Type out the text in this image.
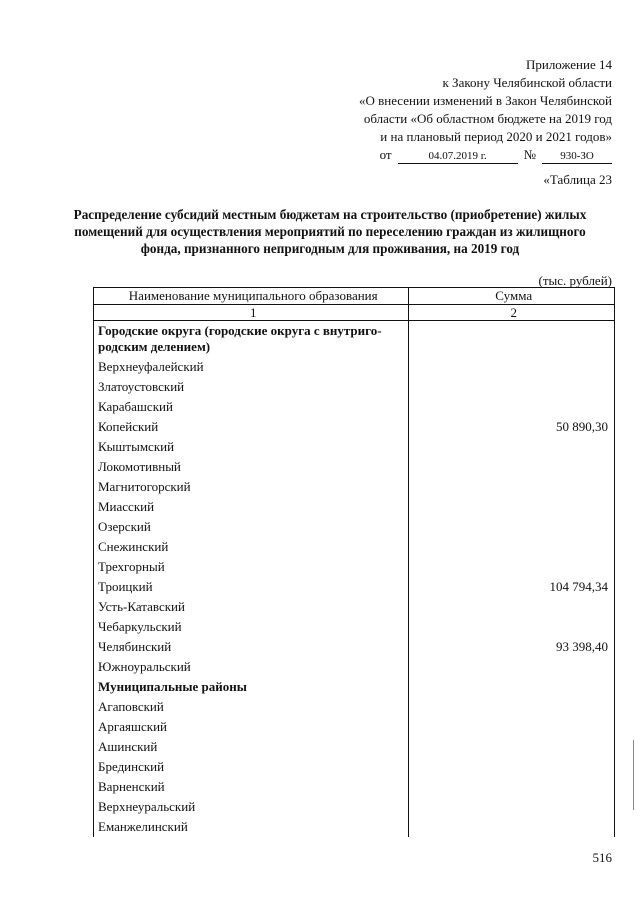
Приложение 14
к Закону Челябинской области
«О внесении изменений в Закон Челябинской
области «Об областном бюджете на 2019 год
и на плановый период 2020 и 2021 годов»
от	04.07.2019 г.	№	930-ЗО
«Таблица 23
Распределение субсидий местным бюджетам на строительство (приобретение) жилых помещений для осуществления мероприятий по переселению граждан из жилищного фонда, признанного непригодным для проживания, на 2019 год
(тыс. рублей)
Наименование муниципального образования	Сумма
1	2
Городские округа (городские округа с внутриго-родским делением)	
Верхнеуфалейский	
Златоустовский	
Карабашский	
Копейский	50 890,30
Кыштымский	
Локомотивный	
Магнитогорский	
Миасский	
Озерский	
Снежинский	
Трехгорный	
Троицкий	104 794,34
Усть-Катавский	
Чебаркульский	
Челябинский	93 398,40
Южноуральский	
Муниципальные районы	
Агаповский	
Аргаяшский	
Ашинский	
Брединский	
Варненский	
Верхнеуральский	
Еманжелинский	
516
